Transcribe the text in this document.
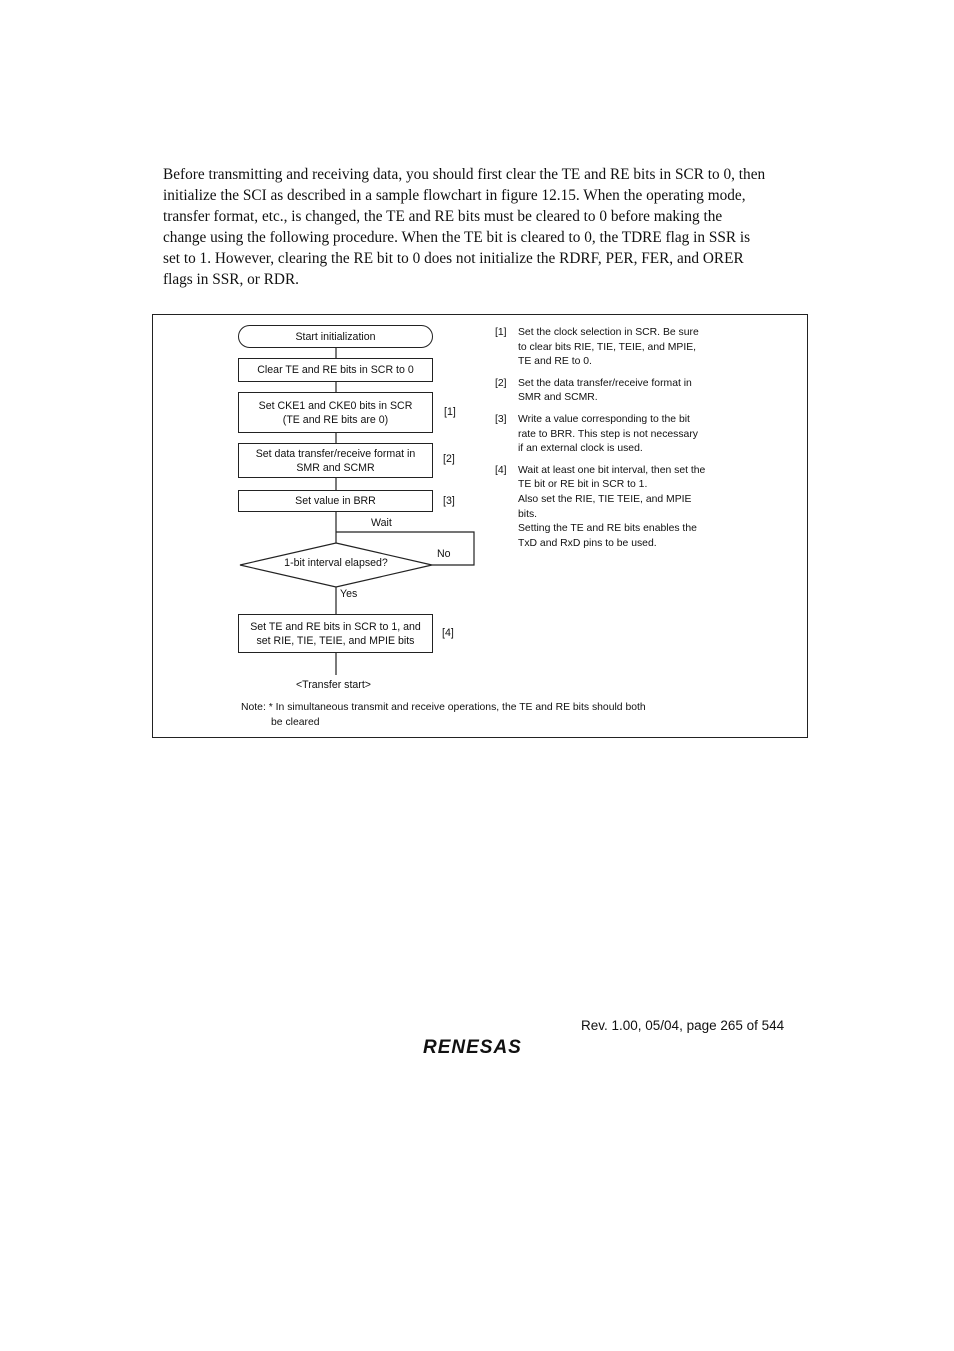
Before transmitting and receiving data, you should first clear the TE and RE bits in SCR to 0, then
initialize the SCI as described in a sample flowchart in figure 12.15. When the operating mode,
transfer format, etc., is changed, the TE and RE bits must be cleared to 0 before making the
change using the following procedure. When the TE bit is cleared to 0, the TDRE flag in SSR is
set to 1. However, clearing the RE bit to 0 does not initialize the RDRF, PER, FER, and ORER
flags in SSR, or RDR.
Start initialization
Clear TE and RE bits in SCR to 0
Set CKE1 and CKE0 bits in SCR
(TE and RE bits are 0)
[1]
Set data transfer/receive format in
SMR and SCMR
[2]
Set value in BRR	[3]
Wait
1-bit interval elapsed?
No
Yes
Set TE and RE bits in SCR to 1, and
set RIE, TIE, TEIE, and MPIE bits
[4]
<Transfer start>
[1] Set the clock selection in SCR. Be sure
to clear bits RIE, TIE, TEIE, and MPIE,
TE and RE to 0.
[2] Set the data transfer/receive format in
SMR and SCMR.
[3] Write a value corresponding to the bit
rate to BRR. This step is not necessary
if an external clock is used.
[4] Wait at least one bit interval, then set the
TE bit or RE bit in SCR to 1.
Also set the RIE, TIE TEIE, and MPIE
bits.
Setting the TE and RE bits enables the
TxD and RxD pins to be used.
Note: * In simultaneous transmit and receive operations, the TE and RE bits should both
be cleared
Rev. 1.00, 05/04, page 265 of 544
RENESAS
